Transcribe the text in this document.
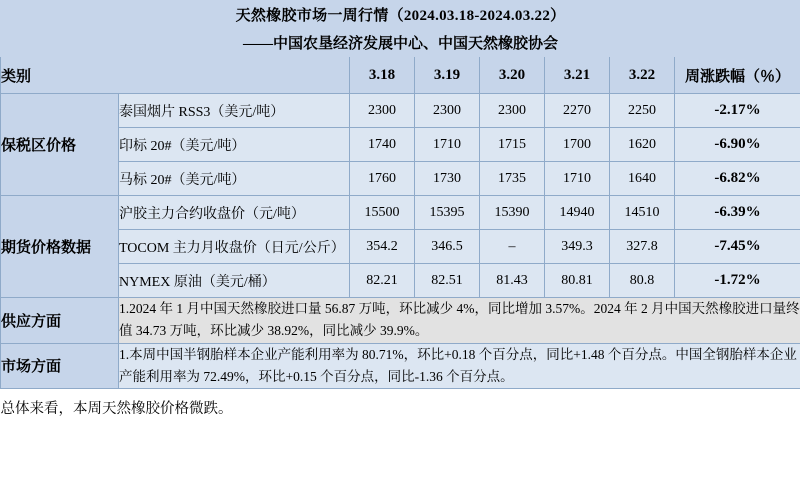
天然橡胶市场一周行情（2024.03.18-2024.03.22）							
——中国农垦经济发展中心、中国天然橡胶协会							
类别		3.18	3.19	3.20	3.21	3.22	周涨跌幅（％）
保税区价格	泰国烟片 RSS3（美元/吨）	2300	2300	2300	2270	2250	-2.17%
	印标 20#（美元/吨）	1740	1710	1715	1700	1620	-6.90%
	马标 20#（美元/吨）	1760	1730	1735	1710	1640	-6.82%
期货价格数据	沪胶主力合约收盘价（元/吨）	15500	15395	15390	14940	14510	-6.39%
	TOCOM 主力月收盘价（日元/公斤）	354.2	346.5	–	349.3	327.8	-7.45%
	NYMEX 原油（美元/桶）	82.21	82.51	81.43	80.81	80.8	-1.72%
供应方面	1.2024 年 1 月中国天然橡胶进口量 56.87 万吨，环比减少 4%，同比增加 3.57%。2024 年 2 月中国天然橡胶进口量终值 34.73 万吨，环比减少 38.92%，同比减少 39.9%。						
市场方面	1.本周中国半钢胎样本企业产能利用率为 80.71%，环比+0.18 个百分点，同比+1.48 个百分点。中国全钢胎样本企业产能利用率为 72.49%，环比+0.15 个百分点，同比-1.36 个百分点。						

总体来看，本周天然橡胶价格微跌。							
